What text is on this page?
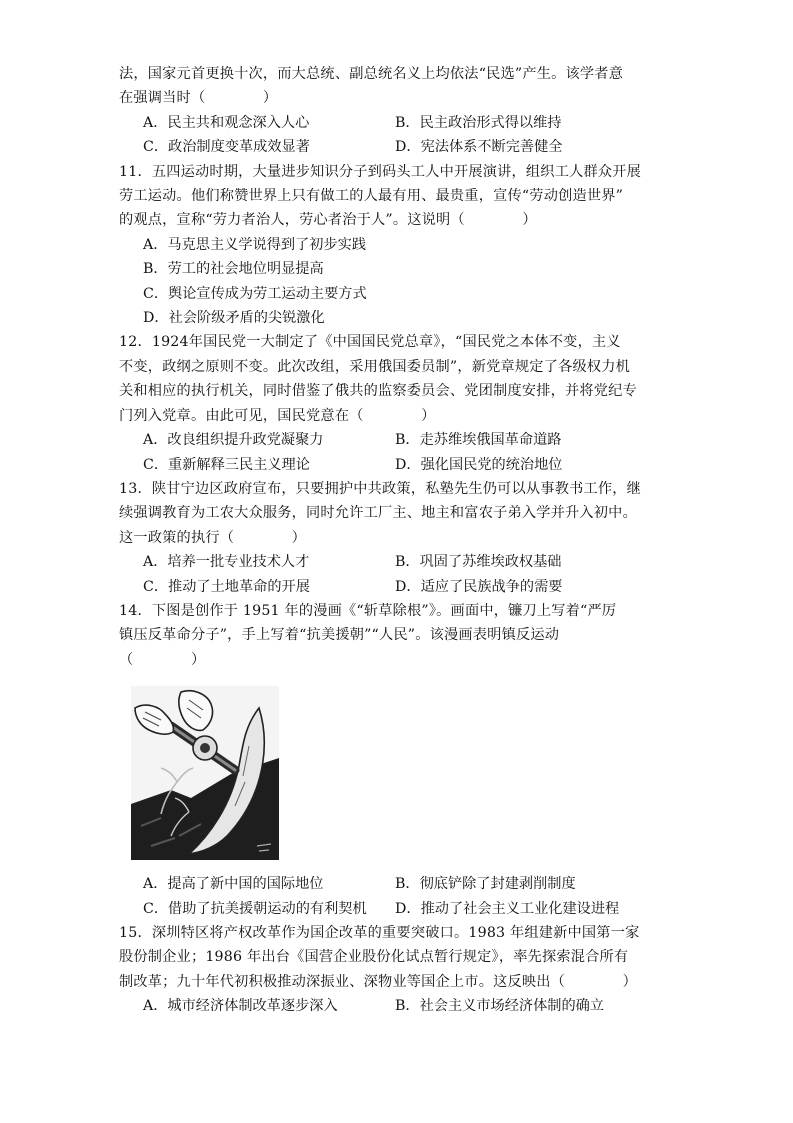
法，国家元首更换十次，而大总统、副总统名义上均依法“民选”产生。该学者意

在强调当时（　　　　）

A．民主共和观念深入人心	B．民主政治形式得以维持
C．政治制度变革成效显著	D．宪法体系不断完善健全

11．五四运动时期，大量进步知识分子到码头工人中开展演讲，组织工人群众开展

劳工运动。他们称赞世界上只有做工的人最有用、最贵重，宣传“劳动创造世界”

的观点，宣称“劳力者治人，劳心者治于人”。这说明（　　　　）

A．马克思主义学说得到了初步实践
B．劳工的社会地位明显提高
C．舆论宣传成为劳工运动主要方式
D．社会阶级矛盾的尖锐激化

12．1924年国民党一大制定了《中国国民党总章》，“国民党之本体不变，主义

不变，政纲之原则不变。此次改组，采用俄国委员制”，新党章规定了各级权力机

关和相应的执行机关，同时借鉴了俄共的监察委员会、党团制度安排，并将党纪专

门列入党章。由此可见，国民党意在（　　　　）

A．改良组织提升政党凝聚力	B．走苏维埃俄国革命道路
C．重新解释三民主义理论	D．强化国民党的统治地位

13．陕甘宁边区政府宣布，只要拥护中共政策，私塾先生仍可以从事教书工作，继

续强调教育为工农大众服务，同时允许工厂主、地主和富农子弟入学并升入初中。

这一政策的执行（　　　　）

A．培养一批专业技术人才	B．巩固了苏维埃政权基础
C．推动了土地革命的开展	D．适应了民族战争的需要

14．下图是创作于 1951 年的漫画《“斩草除根”》。画面中，镰刀上写着“严厉

镇压反革命分子”，手上写着“抗美援朝”“人民”。该漫画表明镇反运动

（　　　　）

A．提高了新中国的国际地位	B．彻底铲除了封建剥削制度
C．借助了抗美援朝运动的有利契机	D．推动了社会主义工业化建设进程

15．深圳特区将产权改革作为国企改革的重要突破口。1983 年组建新中国第一家

股份制企业；1986 年出台《国营企业股份化试点暂行规定》，率先探索混合所有

制改革；九十年代初积极推动深振业、深物业等国企上市。这反映出（　　　　）

A．城市经济体制改革逐步深入	B．社会主义市场经济体制的确立
